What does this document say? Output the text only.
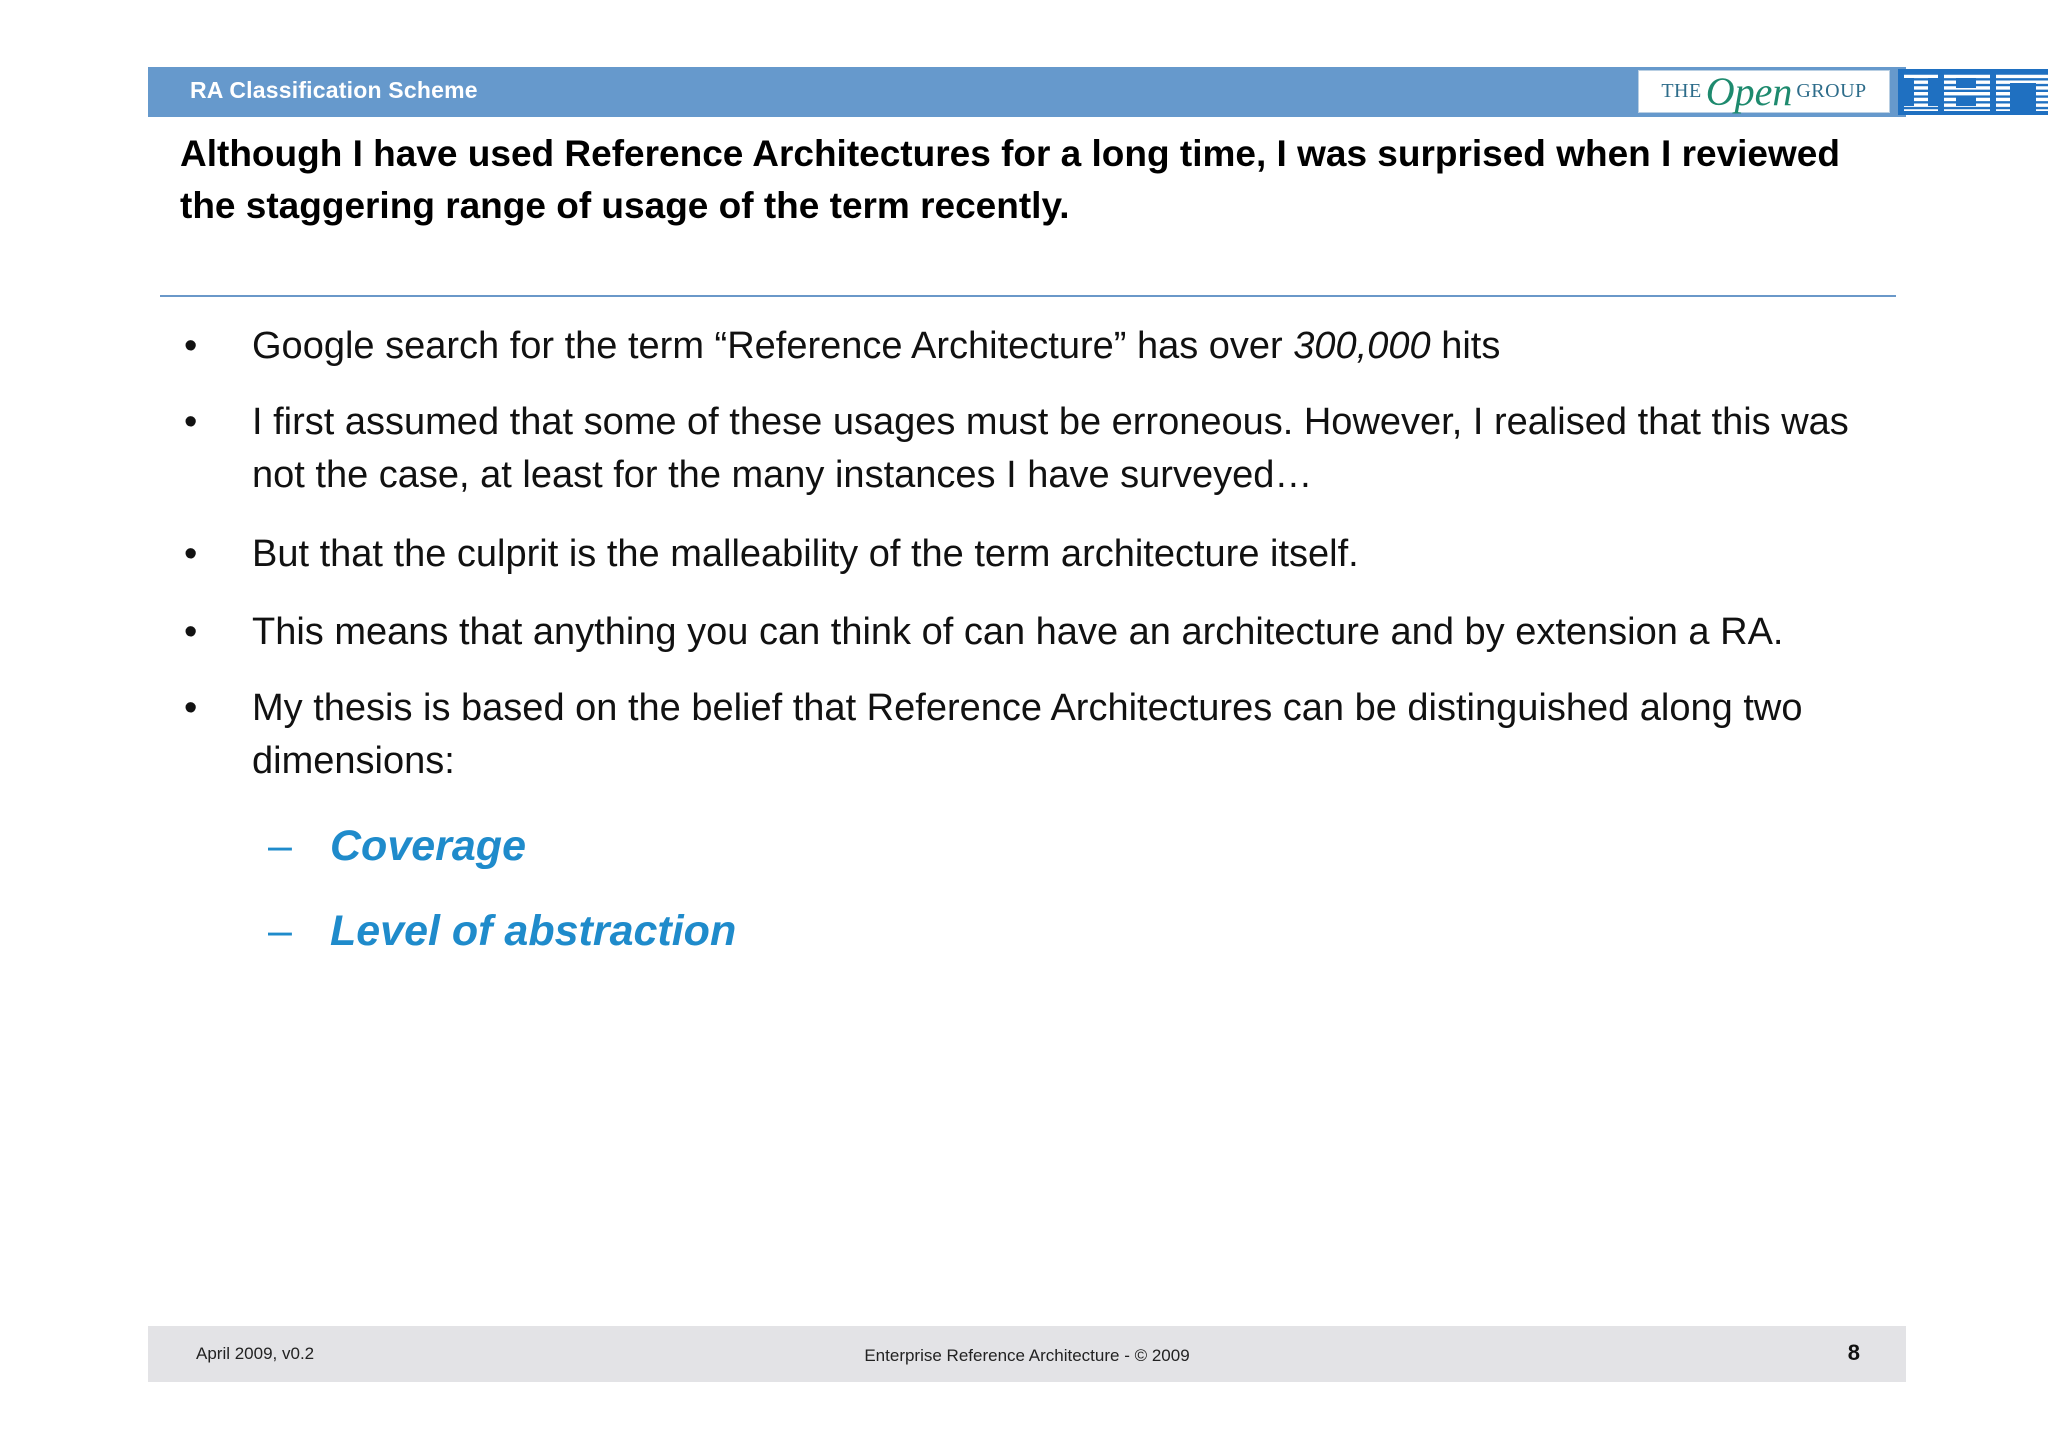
RA Classification Scheme	THE Open GROUP
Although I have used Reference Architectures for a long time, I was surprised when I reviewed the staggering range of usage of the term recently.
• Google search for the term “Reference Architecture” has over 300,000 hits
• I first assumed that some of these usages must be erroneous. However, I realised that this was not the case, at least for the many instances I have surveyed…
• But that the culprit is the malleability of the term architecture itself.
• This means that anything you can think of can have an architecture and by extension a RA.
• My thesis is based on the belief that Reference Architectures can be distinguished along two dimensions:
– Coverage
– Level of abstraction
April 2009, v0.2	Enterprise Reference Architecture - © 2009	8
